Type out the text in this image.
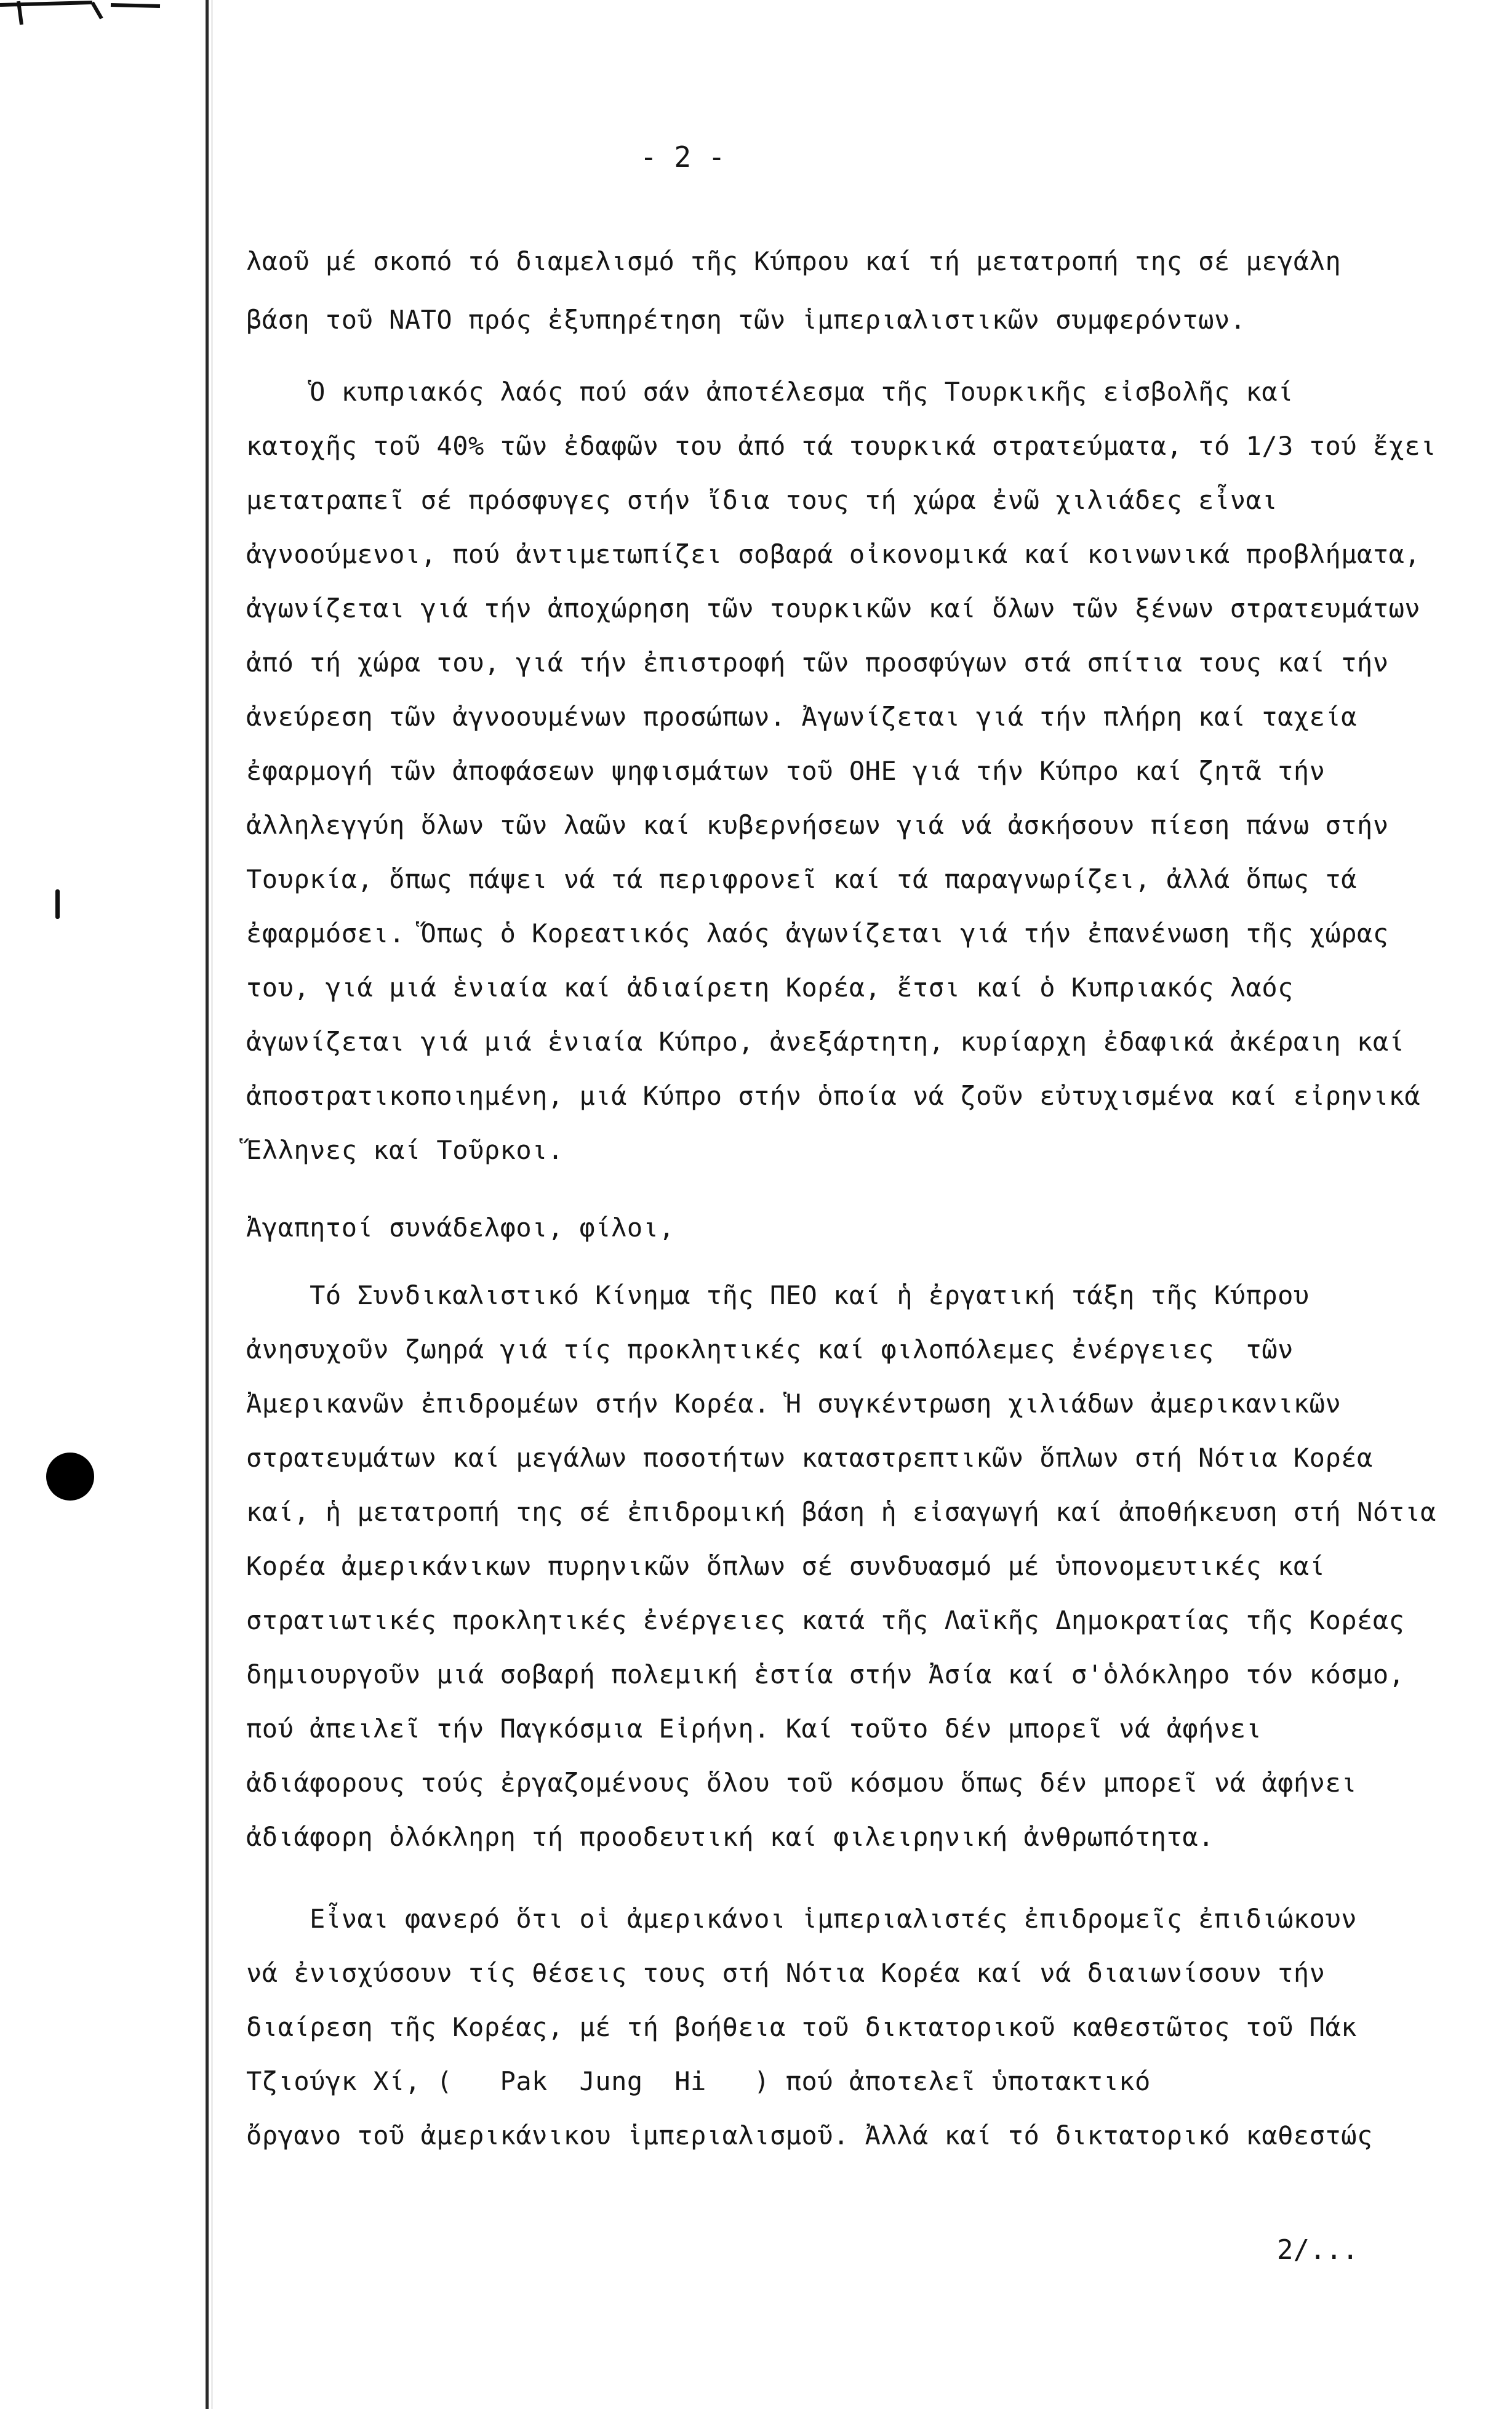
- 2 -
λαοῦ μέ σκοπό τό διαμελισμό τῆς Κύπρου καί τή μετατροπή της σέ μεγάλη
βάση τοῦ ΝΑΤΟ πρός ἐξυπηρέτηση τῶν ἱμπεριαλιστικῶν συμφερόντων.
Ὁ κυπριακός λαός πού σάν ἀποτέλεσμα τῆς Τουρκικῆς εἰσβολῆς καί
κατοχῆς τοῦ 40% τῶν ἐδαφῶν του ἀπό τά τουρκικά στρατεύματα, τό 1/3 τού ἔχει
μετατραπεῖ σέ πρόσφυγες στήν ἴδια τους τή χώρα ἐνῶ χιλιάδες εἶναι
ἀγνοούμενοι, πού ἀντιμετωπίζει σοβαρά οἰκονομικά καί κοινωνικά προβλήματα,
ἀγωνίζεται γιά τήν ἀποχώρηση τῶν τουρκικῶν καί ὅλων τῶν ξένων στρατευμάτων
ἀπό τή χώρα του, γιά τήν ἐπιστροφή τῶν προσφύγων στά σπίτια τους καί τήν
ἀνεύρεση τῶν ἀγνοουμένων προσώπων. Ἀγωνίζεται γιά τήν πλήρη καί ταχεία
ἐφαρμογή τῶν ἀποφάσεων ψηφισμάτων τοῦ ΟΗΕ γιά τήν Κύπρο καί ζητᾶ τήν
ἀλληλεγγύη ὅλων τῶν λαῶν καί κυβερνήσεων γιά νά ἀσκήσουν πίεση πάνω στήν
Τουρκία, ὅπως πάψει νά τά περιφρονεῖ καί τά παραγνωρίζει, ἀλλά ὅπως τά
ἐφαρμόσει. Ὅπως ὁ Κορεατικός λαός ἀγωνίζεται γιά τήν ἐπανένωση τῆς χώρας
του, γιά μιά ἑνιαία καί ἀδιαίρετη Κορέα, ἔτσι καί ὁ Κυπριακός λαός
ἀγωνίζεται γιά μιά ἑνιαία Κύπρο, ἀνεξάρτητη, κυρίαρχη ἐδαφικά ἀκέραιη καί
ἀποστρατικοποιημένη, μιά Κύπρο στήν ὁποία νά ζοῦν εὐτυχισμένα καί εἰρηνικά
Ἕλληνες καί Τοῦρκοι.
Ἀγαπητοί συνάδελφοι, φίλοι,
Τό Συνδικαλιστικό Κίνημα τῆς ΠΕΟ καί ἡ ἐργατική τάξη τῆς Κύπρου
ἀνησυχοῦν ζωηρά γιά τίς προκλητικές καί φιλοπόλεμες ἐνέργειες  τῶν
Ἀμερικανῶν ἐπιδρομέων στήν Κορέα. Ἡ συγκέντρωση χιλιάδων ἀμερικανικῶν
στρατευμάτων καί μεγάλων ποσοτήτων καταστρεπτικῶν ὅπλων στή Νότια Κορέα
καί, ἡ μετατροπή της σέ ἐπιδρομική βάση ἡ εἰσαγωγή καί ἀποθήκευση στή Νότια
Κορέα ἀμερικάνικων πυρηνικῶν ὅπλων σέ συνδυασμό μέ ὑπονομευτικές καί
στρατιωτικές προκλητικές ἐνέργειες κατά τῆς Λαϊκῆς Δημοκρατίας τῆς Κορέας
δημιουργοῦν μιά σοβαρή πολεμική ἑστία στήν Ἀσία καί σ'ὁλόκληρο τόν κόσμο,
πού ἀπειλεῖ τήν Παγκόσμια Εἰρήνη. Καί τοῦτο δέν μπορεῖ νά ἀφήνει
ἀδιάφορους τούς ἐργαζομένους ὅλου τοῦ κόσμου ὅπως δέν μπορεῖ νά ἀφήνει
ἀδιάφορη ὁλόκληρη τή προοδευτική καί φιλειρηνική ἀνθρωπότητα.
Εἶναι φανερό ὅτι οἱ ἀμερικάνοι ἱμπεριαλιστές ἐπιδρομεῖς ἐπιδιώκουν
νά ἐνισχύσουν τίς θέσεις τους στή Νότια Κορέα καί νά διαιωνίσουν τήν
διαίρεση τῆς Κορέας, μέ τή βοήθεια τοῦ δικτατορικοῦ καθεστῶτος τοῦ Πάκ
Τζιούγκ Χί, (   Pak  Jung  Hi   ) πού ἀποτελεῖ ὑποτακτικό
ὄργανο τοῦ ἀμερικάνικου ἱμπεριαλισμοῦ. Ἀλλά καί τό δικτατορικό καθεστώς
2/...
